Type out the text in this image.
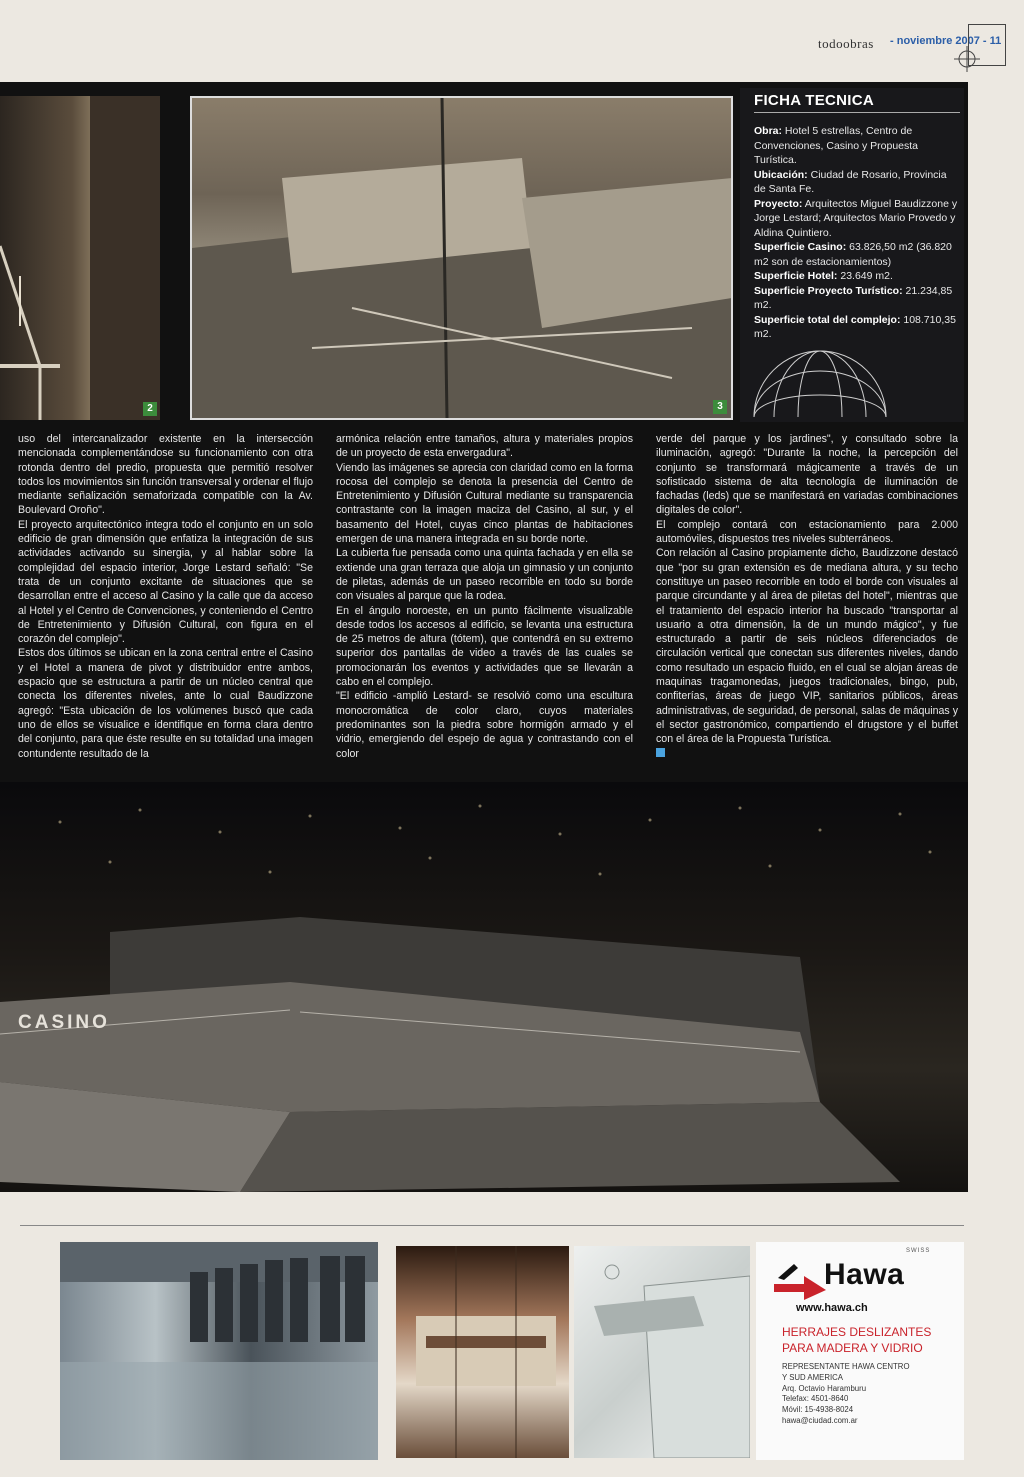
todoobras - noviembre 2007 - 11
2	3
FICHA TECNICA
Obra: Hotel 5 estrellas, Centro de Convenciones, Casino y Propuesta Turística.
Ubicación: Ciudad de Rosario, Provincia de Santa Fe.
Proyecto: Arquitectos Miguel Baudizzone y Jorge Lestard; Arquitectos Mario Provedo y Aldina Quintiero.
Superficie Casino: 63.826,50 m2 (36.820 m2 son de estacionamientos)
Superficie Hotel: 23.649 m2.
Superficie Proyecto Turístico: 21.234,85 m2.
Superficie total del complejo: 108.710,35 m2.

uso del intercanalizador existente en la intersección mencionada complementándose su funcionamiento con otra rotonda dentro del predio, propuesta que permitió resolver todos los movimientos sin función transversal y ordenar el flujo mediante señalización semaforizada compatible con la Av. Boulevard Oroño".

El proyecto arquitectónico integra todo el conjunto en un solo edificio de gran dimensión que enfatiza la integración de sus actividades activando su sinergia, y al hablar sobre la complejidad del espacio interior, Jorge Lestard señaló: "Se trata de un conjunto excitante de situaciones que se desarrollan entre el acceso al Casino y la calle que da acceso al Hotel y el Centro de Convenciones, y conteniendo el Centro de Entretenimiento y Difusión Cultural, con figura en el corazón del complejo".

Estos dos últimos se ubican en la zona central entre el Casino y el Hotel a manera de pivot y distribuidor entre ambos, espacio que se estructura a partir de un núcleo central que conecta los diferentes niveles, ante lo cual Baudizzone agregó: "Esta ubicación de los volúmenes buscó que cada uno de ellos se visualice e identifique en forma clara dentro del conjunto, para que éste resulte en su totalidad una imagen contundente resultado de la

armónica relación entre tamaños, altura y materiales propios de un proyecto de esta envergadura".

Viendo las imágenes se aprecia con claridad como en la forma rocosa del complejo se denota la presencia del Centro de Entretenimiento y Difusión Cultural mediante su transparencia contrastante con la imagen maciza del Casino, al sur, y el basamento del Hotel, cuyas cinco plantas de habitaciones emergen de una manera integrada en su borde norte.

La cubierta fue pensada como una quinta fachada y en ella se extiende una gran terraza que aloja un gimnasio y un conjunto de piletas, además de un paseo recorrible en todo su borde con visuales al parque que la rodea.

En el ángulo noroeste, en un punto fácilmente visualizable desde todos los accesos al edificio, se levanta una estructura de 25 metros de altura (tótem), que contendrá en su extremo superior dos pantallas de video a través de las cuales se promocionarán los eventos y actividades que se llevarán a cabo en el complejo.

"El edificio -amplió Lestard- se resolvió como una escultura monocromática de color claro, cuyos materiales predominantes son la piedra sobre hormigón armado y el vidrio, emergiendo del espejo de agua y contrastando con el color

verde del parque y los jardines", y consultado sobre la iluminación, agregó: "Durante la noche, la percepción del conjunto se transformará mágicamente a través de un sofisticado sistema de alta tecnología de iluminación de fachadas (leds) que se manifestará en variadas combinaciones digitales de color".

El complejo contará con estacionamiento para 2.000 automóviles, dispuestos tres niveles subterráneos.

Con relación al Casino propiamente dicho, Baudizzone destacó que "por su gran extensión es de mediana altura, y su techo constituye un paseo recorrible en todo el borde con visuales al parque circundante y al área de piletas del hotel", mientras que el tratamiento del espacio interior ha buscado "transportar al usuario a otra dimensión, la de un mundo mágico", y fue estructurado a partir de seis núcleos diferenciados de circulación vertical que conectan sus diferentes niveles, dando como resultado un espacio fluido, en el cual se alojan áreas de maquinas tragamonedas, juegos tradicionales, bingo, pub, confiterías, áreas de juego VIP, sanitarios públicos, áreas administrativas, de seguridad, de personal, salas de máquinas y el sector gastronómico, compartiendo el drugstore y el buffet con el área de la Propuesta Turística.

CASINO
SWISS
Hawa
www.hawa.ch
HERRAJES DESLIZANTES
PARA MADERA Y VIDRIO
REPRESENTANTE HAWA CENTRO
Y SUD AMERICA
Arq. Octavio Haramburu
Telefax: 4501-8640
Móvil: 15-4938-8024
hawa@ciudad.com.ar
